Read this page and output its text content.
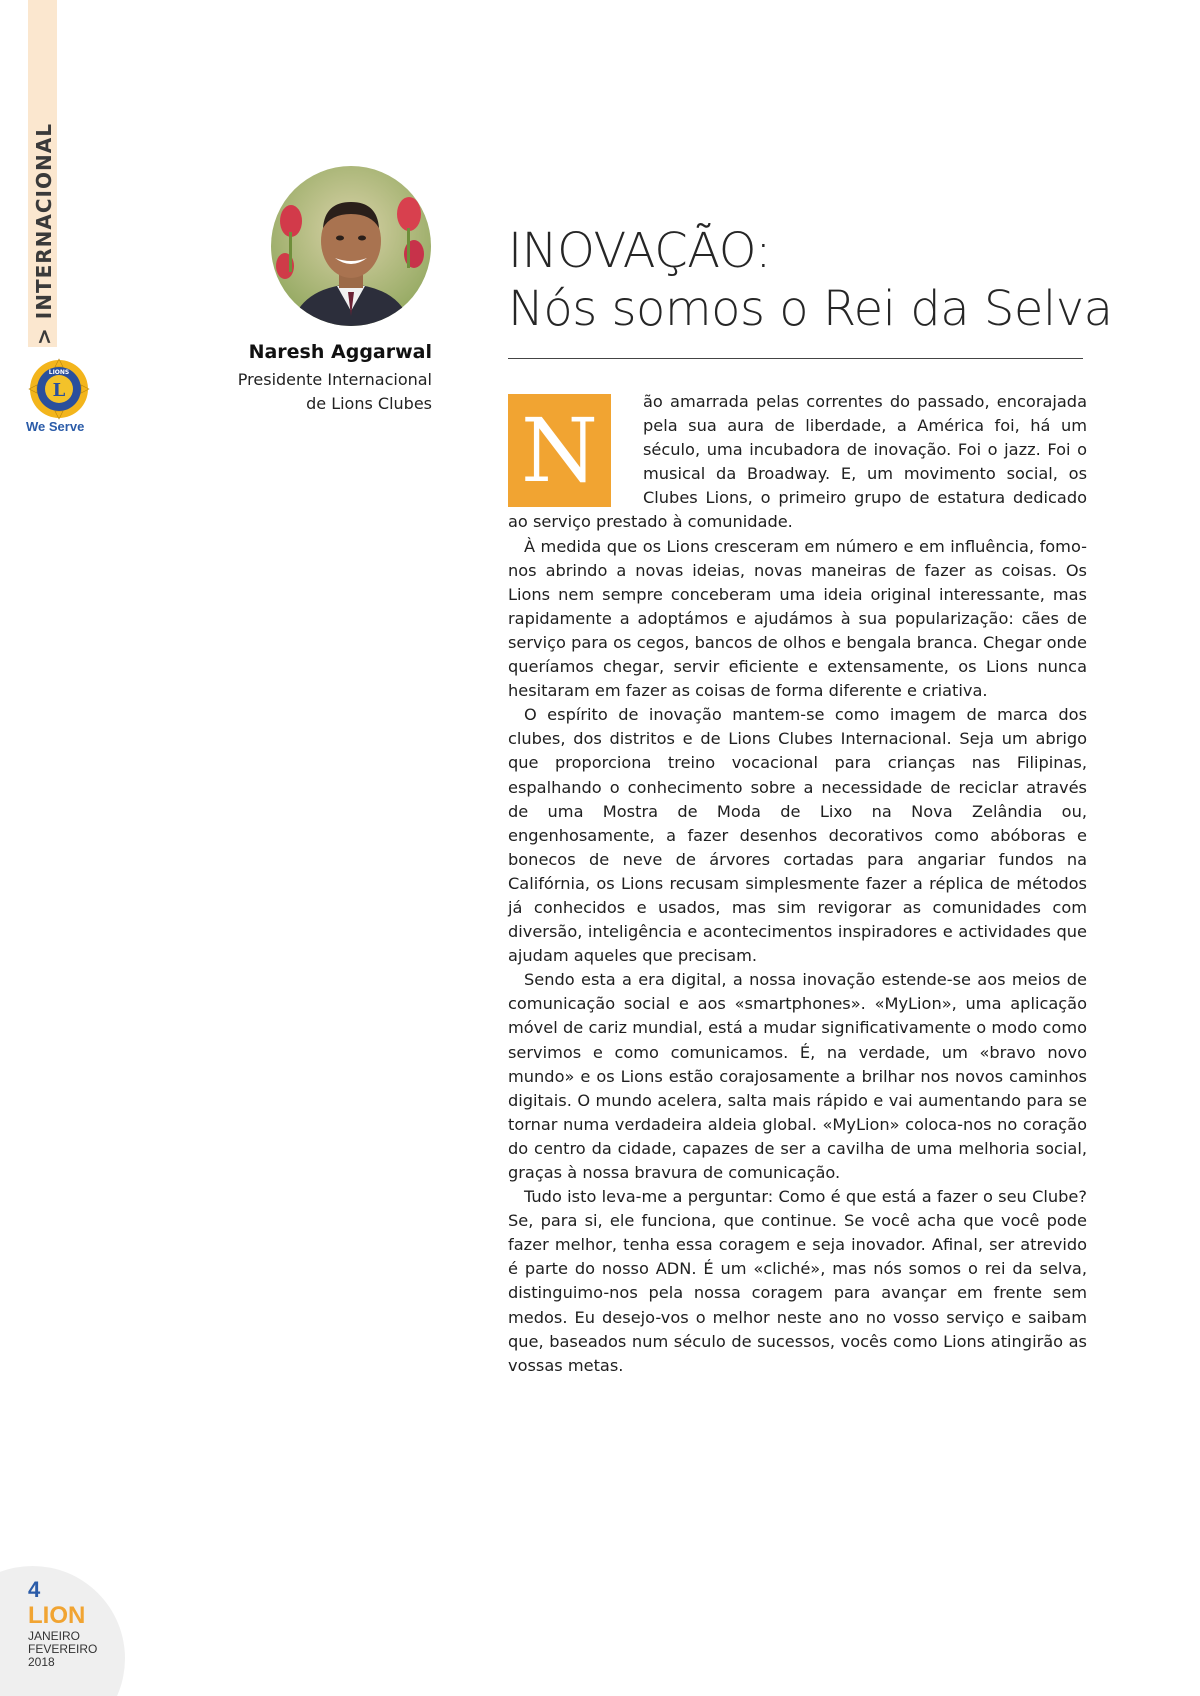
>INTERNACIONAL
L
LIONS
We Serve
Naresh Aggarwal
Presidente Internacional
de Lions Clubes
INOVAÇÃO:
Nós somos o Rei da Selva
N	ão amarrada pelas correntes do passado, encorajada pela sua aura de liberdade, a América foi, há um século, uma incubadora de inovação. Foi o jazz. Foi o musical da Broadway. E, um movimento social, os Clubes Lions, o primeiro grupo de estatura dedicado ao serviço prestado à comunidade.

À medida que os Lions cresceram em número e em influência, fomo-nos abrindo a novas ideias, novas maneiras de fazer as coisas. Os Lions nem sempre conceberam uma ideia original interessante, mas rapidamente a adoptámos e ajudámos à sua popularização: cães de serviço para os cegos, bancos de olhos e bengala branca. Chegar onde queríamos chegar, servir eficiente e extensamente, os Lions nunca hesitaram em fazer as coisas de forma diferente e criativa.

O espírito de inovação mantem-se como imagem de marca dos clubes, dos distritos e de Lions Clubes Internacional. Seja um abrigo que proporciona treino vocacional para crianças nas Filipinas, espalhando o conhecimento sobre a necessidade de reciclar através de uma Mostra de Moda de Lixo na Nova Zelândia ou, engenhosamente, a fazer desenhos decorativos como abóboras e bonecos de neve de árvores cortadas para angariar fundos na Califórnia, os Lions recusam simplesmente fazer a réplica de métodos já conhecidos e usados, mas sim revigorar as comunidades com diversão, inteligência e acontecimentos inspiradores e actividades que ajudam aqueles que precisam.

Sendo esta a era digital, a nossa inovação estende-se aos meios de comunicação social e aos «smartphones». «MyLion», uma aplicação móvel de cariz mundial, está a mudar significativamente o modo como servimos e como comunicamos. É, na verdade, um «bravo novo mundo» e os Lions estão corajosamente a brilhar nos novos caminhos digitais. O mundo acelera, salta mais rápido e vai aumentando para se tornar numa verdadeira aldeia global. «MyLion» coloca-nos no coração do centro da cidade, capazes de ser a cavilha de uma melhoria social, graças à nossa bravura de comunicação.

Tudo isto leva-me a perguntar: Como é que está a fazer o seu Clube? Se, para si, ele funciona, que continue. Se você acha que você pode fazer melhor, tenha essa coragem e seja inovador. Afinal, ser atrevido é parte do nosso ADN. É um «cliché», mas nós somos o rei da selva, distinguimo-nos pela nossa coragem para avançar em frente sem medos. Eu desejo-vos o melhor neste ano no vosso serviço e saibam que, baseados num século de sucessos, vocês como Lions atingirão as vossas metas.

4
LION
JANEIRO
FEVEREIRO
2018
